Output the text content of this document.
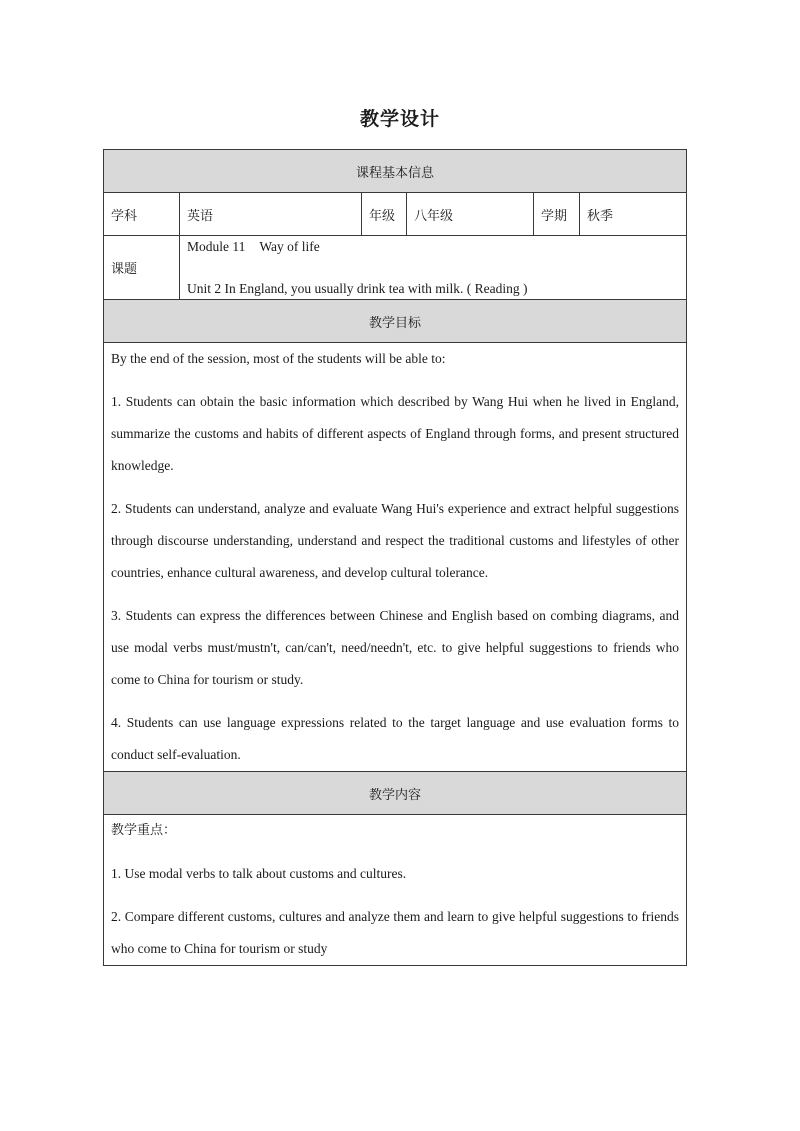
教学设计
课程基本信息					
学科	英语	年级	八年级	学期	秋季
课题	Module 11 Way of life
Unit 2 In England, you usually drink tea with milk. ( Reading )				

教学目标					

By the end of the session, most of the students will be able to:

1. Students can obtain the basic information which described by Wang Hui when he lived in England, summarize the customs and habits of different aspects of England through forms, and present structured knowledge.

2. Students can understand, analyze and evaluate Wang Hui's experience and extract helpful suggestions through discourse understanding, understand and respect the traditional customs and lifestyles of other countries, enhance cultural awareness, and develop cultural tolerance.

3. Students can express the differences between Chinese and English based on combing diagrams, and use modal verbs must/mustn't, can/can't, need/needn't, etc. to give helpful suggestions to friends who come to China for tourism or study.

4. Students can use language expressions related to the target language and use evaluation forms to conduct self-evaluation.					

教学内容					

教学重点：

1. Use modal verbs to talk about customs and cultures.

2. Compare different customs, cultures and analyze them and learn to give helpful suggestions to friends who come to China for tourism or study					
